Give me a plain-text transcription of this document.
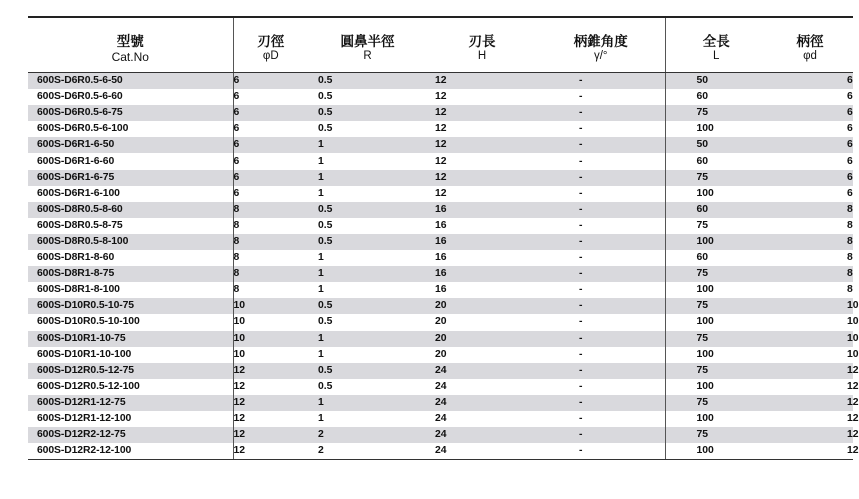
型號	刃徑	圓鼻半徑	刃長	柄錐角度	全長	柄徑
Cat.No	φD	R	H	γ/°	L	φd
600S-D6R0.5-6-50	6	0.5	12	-	50	6
600S-D6R0.5-6-60	6	0.5	12	-	60	6
600S-D6R0.5-6-75	6	0.5	12	-	75	6
600S-D6R0.5-6-100	6	0.5	12	-	100	6
600S-D6R1-6-50	6	1	12	-	50	6
600S-D6R1-6-60	6	1	12	-	60	6
600S-D6R1-6-75	6	1	12	-	75	6
600S-D6R1-6-100	6	1	12	-	100	6
600S-D8R0.5-8-60	8	0.5	16	-	60	8
600S-D8R0.5-8-75	8	0.5	16	-	75	8
600S-D8R0.5-8-100	8	0.5	16	-	100	8
600S-D8R1-8-60	8	1	16	-	60	8
600S-D8R1-8-75	8	1	16	-	75	8
600S-D8R1-8-100	8	1	16	-	100	8
600S-D10R0.5-10-75	10	0.5	20	-	75	10
600S-D10R0.5-10-100	10	0.5	20	-	100	10
600S-D10R1-10-75	10	1	20	-	75	10
600S-D10R1-10-100	10	1	20	-	100	10
600S-D12R0.5-12-75	12	0.5	24	-	75	12
600S-D12R0.5-12-100	12	0.5	24	-	100	12
600S-D12R1-12-75	12	1	24	-	75	12
600S-D12R1-12-100	12	1	24	-	100	12
600S-D12R2-12-75	12	2	24	-	75	12
600S-D12R2-12-100	12	2	24	-	100	12
